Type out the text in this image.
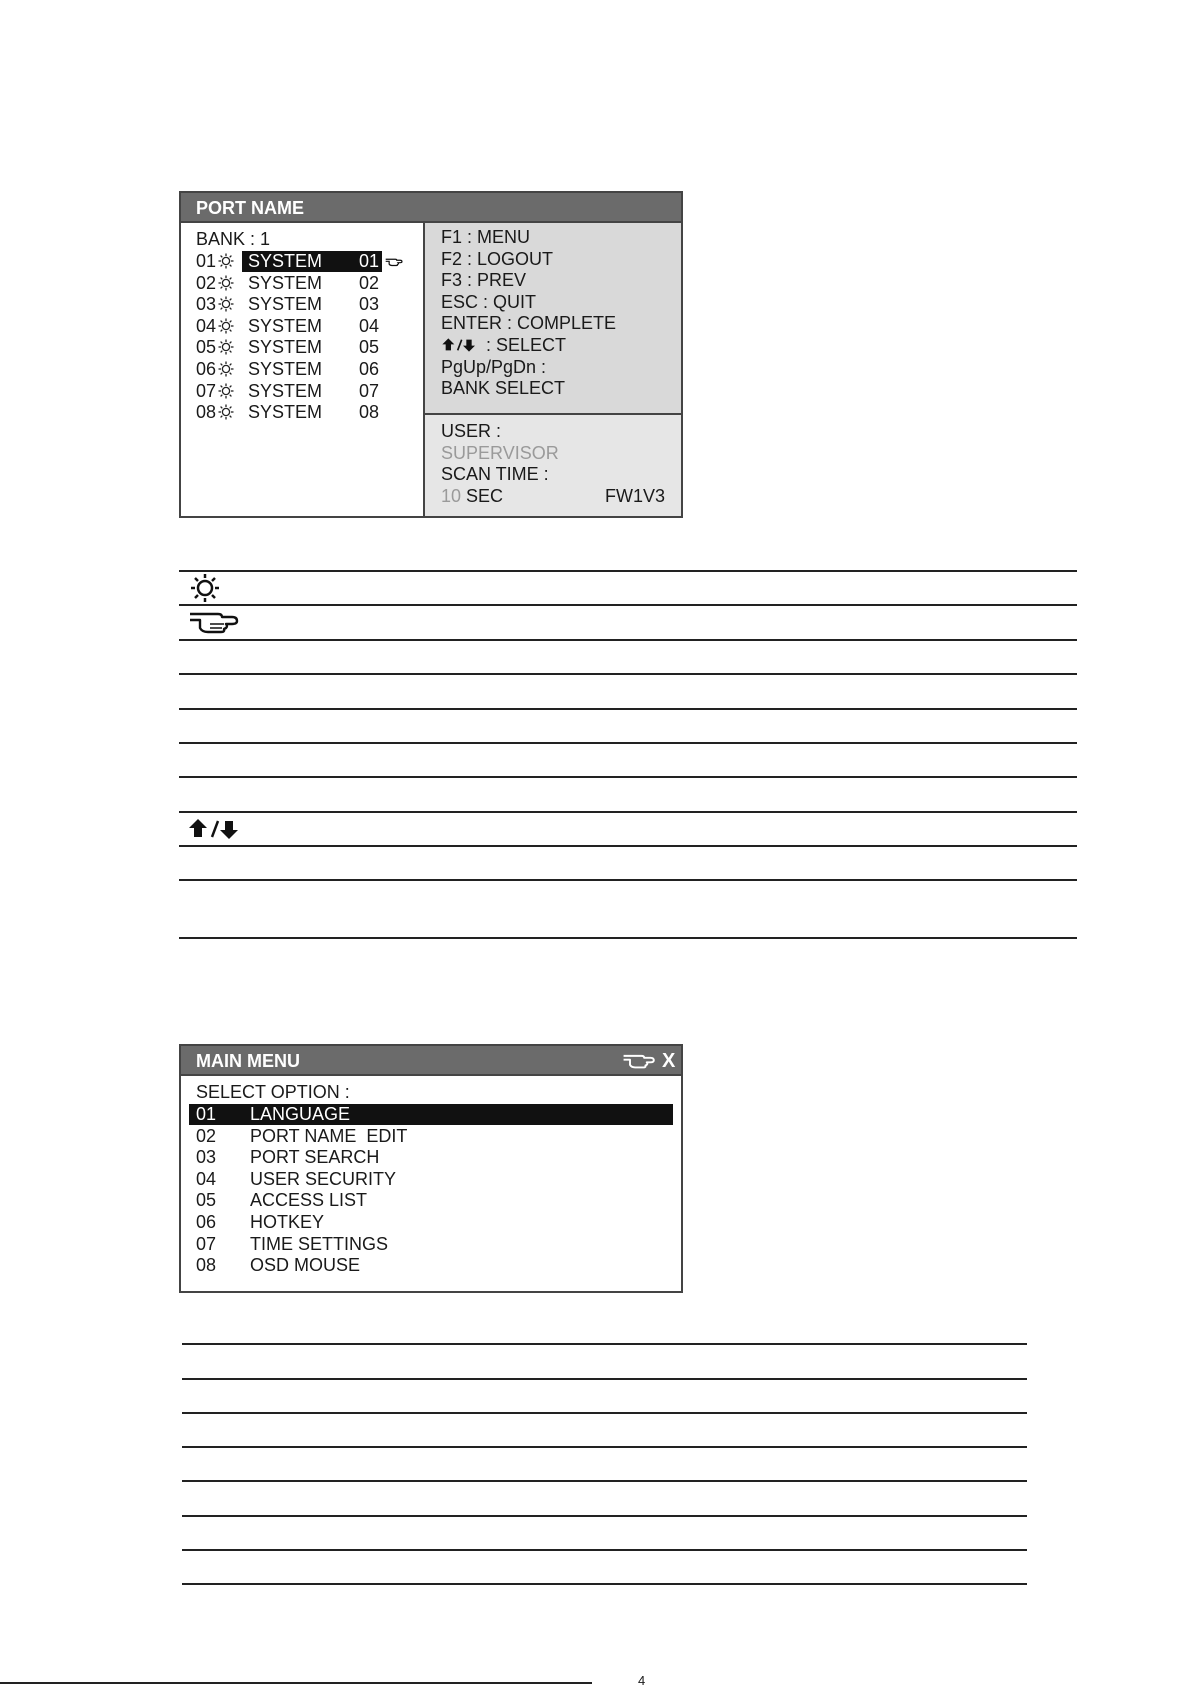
PORT NAME
BANK : 1
01 SYSTEM 01
02 SYSTEM 02
03 SYSTEM 03
04 SYSTEM 04
05 SYSTEM 05
06 SYSTEM 06
07 SYSTEM 07
08 SYSTEM 08
F1 : MENU
F2 : LOGOUT
F3 : PREV
ESC : QUIT
ENTER : COMPLETE
: SELECT
PgUp/PgDn :
BANK SELECT
USER :
SUPERVISOR
SCAN TIME :
10 SEC	FW1V3
MAIN MENU	X
SELECT OPTION :
01 LANGUAGE
02 PORT NAME  EDIT
03 PORT SEARCH
04 USER SECURITY
05 ACCESS LIST
06 HOTKEY
07 TIME SETTINGS
08 OSD MOUSE
4
